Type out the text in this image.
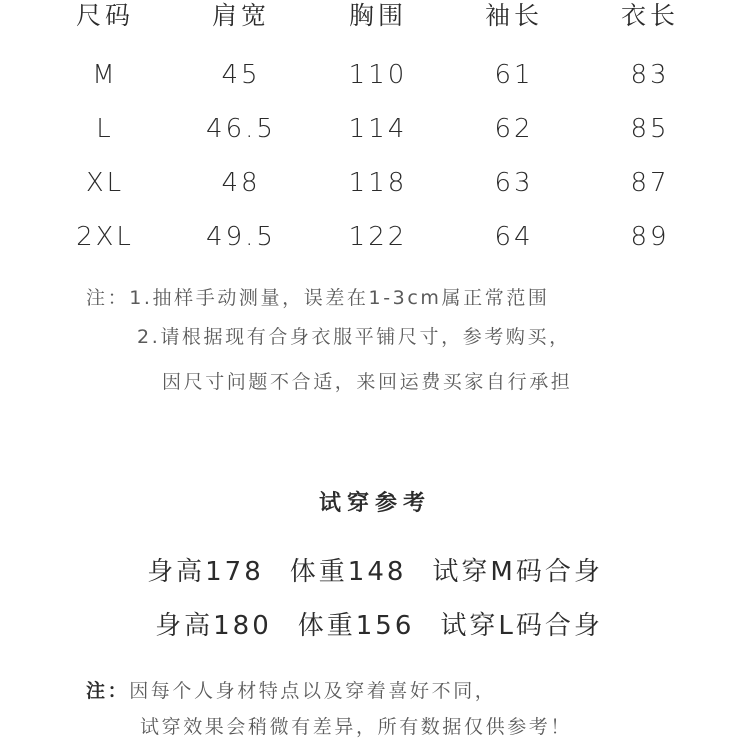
尺码	肩宽	胸围	袖长	衣长
M	45	110	61	83
L	46.5	114	62	85
XL	48	118	63	87
2XL	49.5	122	64	89
注：1.抽样手动测量，误差在1-3cm属正常范围
2.请根据现有合身衣服平铺尺寸，参考购买，
因尺寸问题不合适，来回运费买家自行承担
试穿参考
身高178 体重148 试穿M码合身
身高180 体重156 试穿L码合身
注：因每个人身材特点以及穿着喜好不同，
试穿效果会稍微有差异，所有数据仅供参考！
